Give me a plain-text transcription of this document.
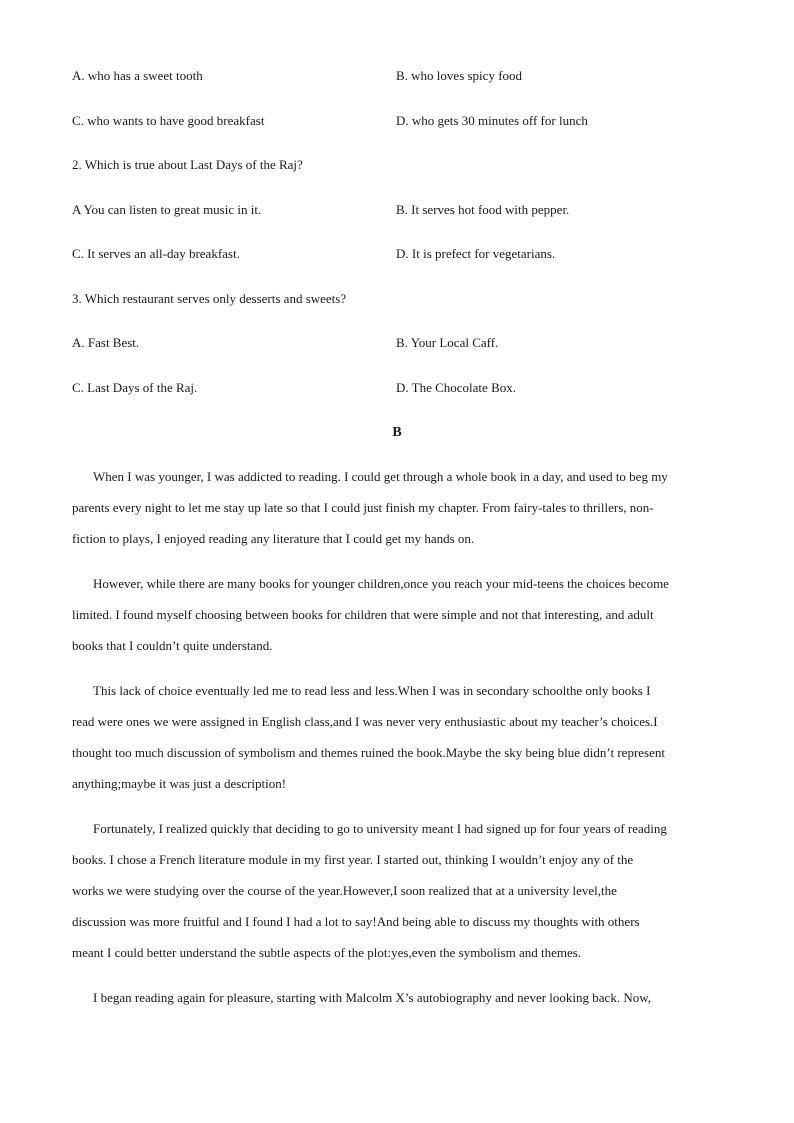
A. who has a sweet tooth	B. who loves spicy food
C. who wants to have good breakfast	D. who gets 30 minutes off for lunch
2. Which is true about Last Days of the Raj?
A You can listen to great music in it.	B. It serves hot food with pepper.
C. It serves an all-day breakfast.	D. It is prefect for vegetarians.
3. Which restaurant serves only desserts and sweets?
A. Fast Best.	B. Your Local Caff.
C. Last Days of the Raj.	D. The Chocolate Box.
B
When I was younger, I was addicted to reading. I could get through a whole book in a day, and used to beg my
parents every night to let me stay up late so that I could just finish my chapter. From fairy-tales to thrillers, non-
fiction to plays, I enjoyed reading any literature that I could get my hands on.
However, while there are many books for younger children,once you reach your mid-teens the choices become
limited. I found myself choosing between books for children that were simple and not that interesting, and adult
books that I couldn’t quite understand.
This lack of choice eventually led me to read less and less.When I was in secondary schoolthe only books I
read were ones we were assigned in English class,and I was never very enthusiastic about my teacher’s choices.I
thought too much discussion of symbolism and themes ruined the book.Maybe the sky being blue didn’t represent
anything;maybe it was just a description!
Fortunately, I realized quickly that deciding to go to university meant I had signed up for four years of reading
books. I chose a French literature module in my first year. I started out, thinking I wouldn’t enjoy any of the
works we were studying over the course of the year.However,I soon realized that at a university level,the
discussion was more fruitful and I found I had a lot to say!And being able to discuss my thoughts with others
meant I could better understand the subtle aspects of the plot:yes,even the symbolism and themes.
I began reading again for pleasure, starting with Malcolm X’s autobiography and never looking back. Now,
